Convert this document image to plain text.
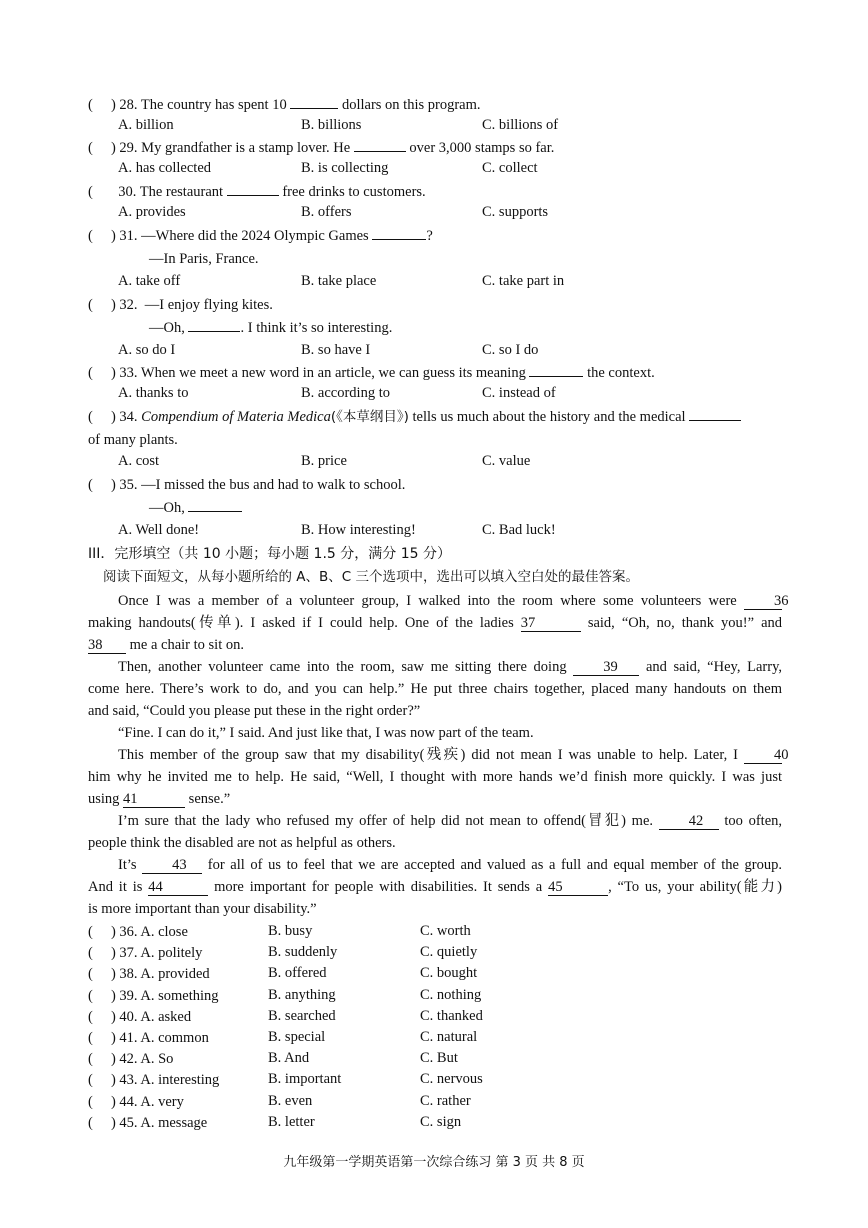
(     ) 28. The country has spent 10	dollars on this program.
A. billion	B. billions	C. billions of
(     ) 29. My grandfather is a stamp lover. He	over 3,000 stamps so far.
A. has collected	B. is collecting	C. collect
(       30. The restaurant	free drinks to customers.
A. provides	B. offers	C. supports
(     ) 31. —Where did the 2024 Olympic Games	?
—In Paris, France.
A. take off	B. take place	C. take part in
(     ) 32.  —I enjoy flying kites.
—Oh,	. I think it’s so interesting.
A. so do I	B. so have I	C. so I do
(     ) 33. When we meet a new word in an article, we can guess its meaning	the context.
A. thanks to	B. according to	C. instead of
(     ) 34. Compendium of Materia Medica(《本草纲目》) tells us much about the history and the medical
of many plants.
A. cost	B. price	C. value
(     ) 35. —I missed the bus and had to walk to school.
—Oh,
A. Well done!	B. How interesting!	C. Bad luck!
III．完形填空（共 10 小题；每小题 1.5 分，满分 15 分）
阅读下面短文，从每小题所给的 A、B、C 三个选项中，选出可以填入空白处的最佳答案。
Once I was a member of a volunteer group, I walked into the room where some volunteers were	36
making handouts(传单). I asked if I could help. One of the ladies 37	said, “Oh, no, thank you!” and
38 me a chair to sit on.
Then, another volunteer came into the room, saw me sitting there doing	39 and said, “Hey, Larry,
come here. There’s work to do, and you can help.” He put three chairs together, placed many handouts on them
and said, “Could you please put these in the right order?”
“Fine. I can do it,” I said. And just like that, I was now part of the team.
This member of the group saw that my disability(残疾) did not mean I was unable to help. Later, I 40
him why he invited me to help. He said, “Well, I thought with more hands we’d finish more quickly. I was just
using 41	sense.”
I’m sure that the lady who refused my offer of help did not mean to offend(冒犯) me. 42 too often,
people think the disabled are not as helpful as others.
It’s 43 for all of us to feel that we are accepted and valued as a full and equal member of the group.
And it is 44	more important for people with disabilities. It sends a 45	, “To us, your ability(能力)
is more important than your disability.”
(     ) 36. A. close	B. busy	C. worth
(     ) 37. A. politely	B. suddenly	C. quietly
(     ) 38. A. provided	B. offered	C. bought
(     ) 39. A. something	B. anything	C. nothing
(     ) 40. A. asked	B. searched	C. thanked
(     ) 41. A. common	B. special	C. natural
(     ) 42. A. So	B. And	C. But
(     ) 43. A. interesting	B. important	C. nervous
(     ) 44. A. very	B. even	C. rather
(     ) 45. A. message	B. letter	C. sign
九年级第一学期英语第一次综合练习 第 3 页 共 8 页
